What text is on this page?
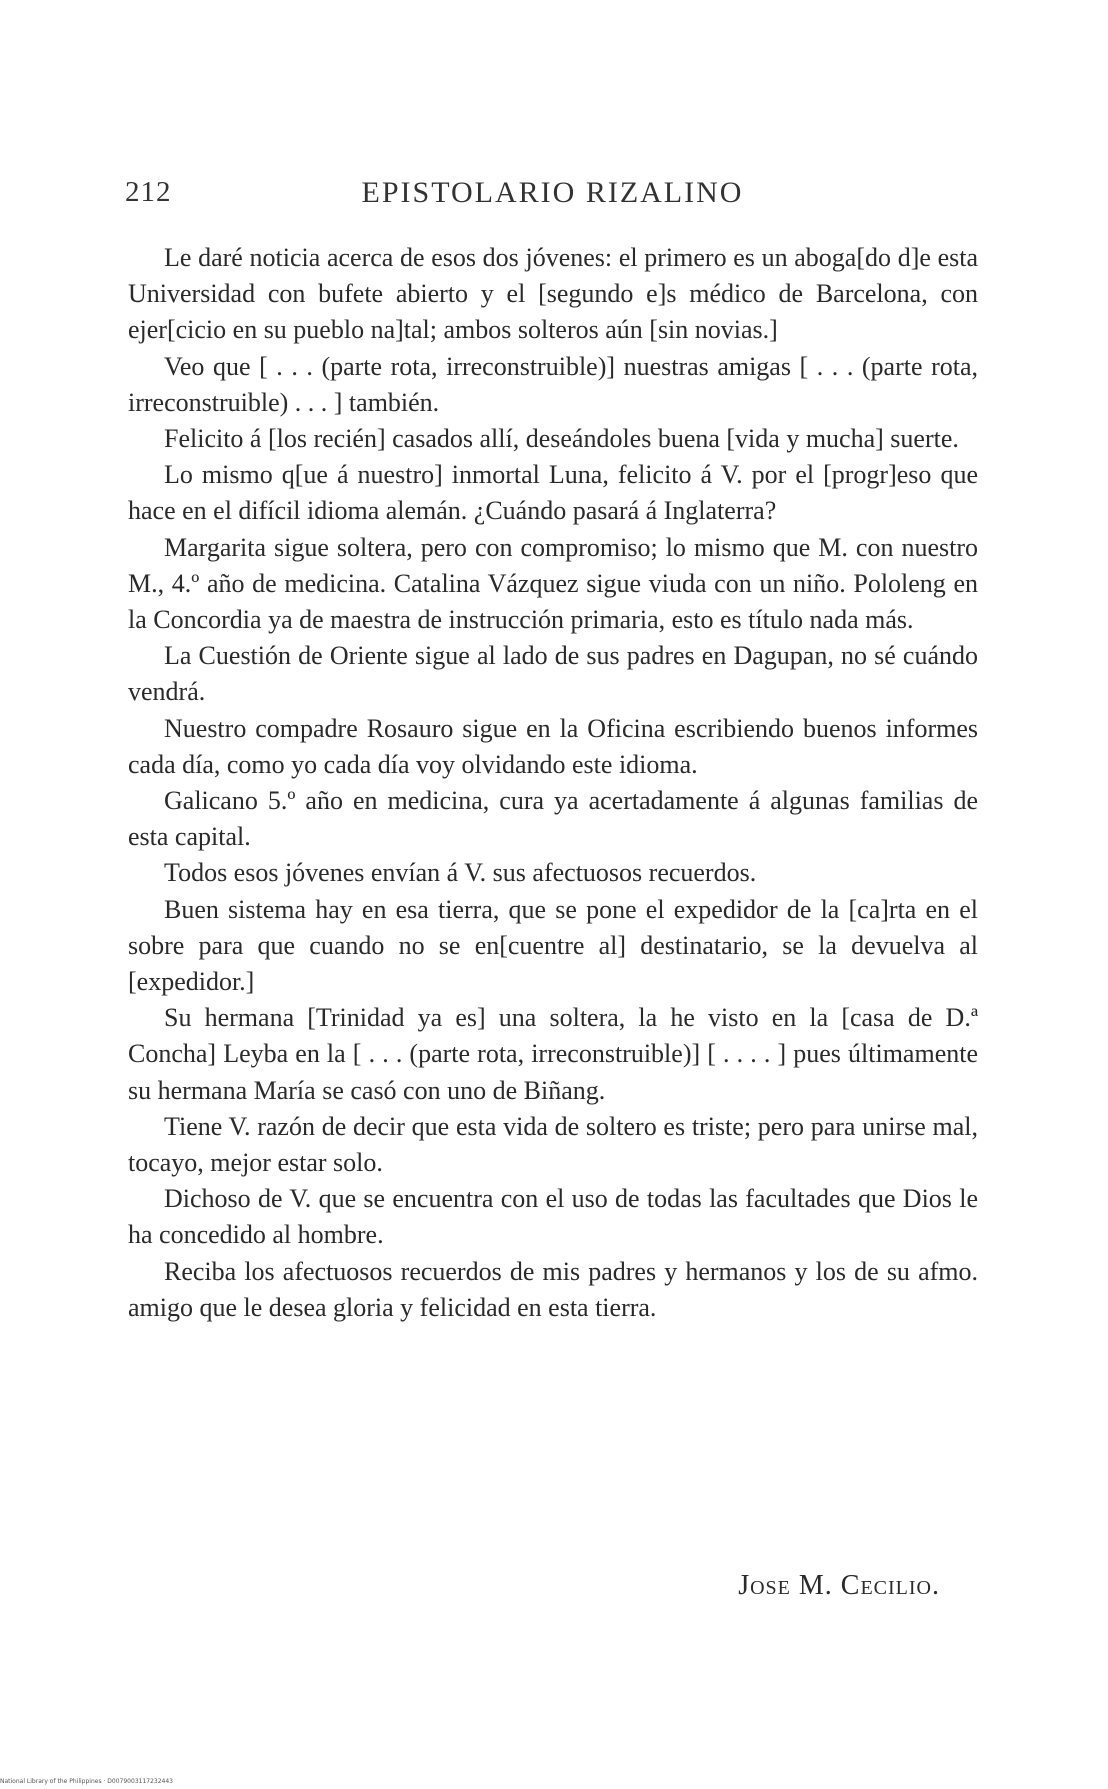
212	EPISTOLARIO RIZALINO

Le daré noticia acerca de esos dos jóvenes: el primero es un aboga[do d]e esta Universidad con bufete abierto y el [segundo e]s médico de Barcelona, con ejer[cicio en su pueblo na]tal; ambos solteros aún [sin novias.]

Veo que [ . . . (parte rota, irreconstruible)] nuestras amigas [ . . . (parte rota, irreconstruible) . . . ] también.

Felicito á [los recién] casados allí, deseándoles buena [vida y mucha] suerte.

Lo mismo q[ue á nuestro] inmortal Luna, felicito á V. por el [progr]eso que hace en el difícil idioma alemán. ¿Cuándo pasará á Inglaterra?

Margarita sigue soltera, pero con compromiso; lo mismo que M. con nuestro M., 4.º año de medicina. Catalina Vázquez sigue viuda con un niño. Pololeng en la Concordia ya de maestra de instrucción primaria, esto es título nada más.

La Cuestión de Oriente sigue al lado de sus padres en Dagupan, no sé cuándo vendrá.

Nuestro compadre Rosauro sigue en la Oficina escribiendo buenos informes cada día, como yo cada día voy olvidando este idioma.

Galicano 5.º año en medicina, cura ya acertadamente á algunas familias de esta capital.

Todos esos jóvenes envían á V. sus afectuosos recuerdos.

Buen sistema hay en esa tierra, que se pone el expedidor de la [ca]rta en el sobre para que cuando no se en[cuentre al] destinatario, se la devuelva al [expedidor.]

Su hermana [Trinidad ya es] una soltera, la he visto en la [casa de D.ª Concha] Leyba en la [ . . . (parte rota, irreconstruible)] [ . . . . ] pues últimamente su hermana María se casó con uno de Biñang.

Tiene V. razón de decir que esta vida de soltero es triste; pero para unirse mal, tocayo, mejor estar solo.

Dichoso de V. que se encuentra con el uso de todas las facultades que Dios le ha concedido al hombre.

Reciba los afectuosos recuerdos de mis padres y hermanos y los de su afmo. amigo que le desea gloria y felicidad en esta tierra.

Jose M. Cecilio.
National Library of the Philippines · D0079003117232443
